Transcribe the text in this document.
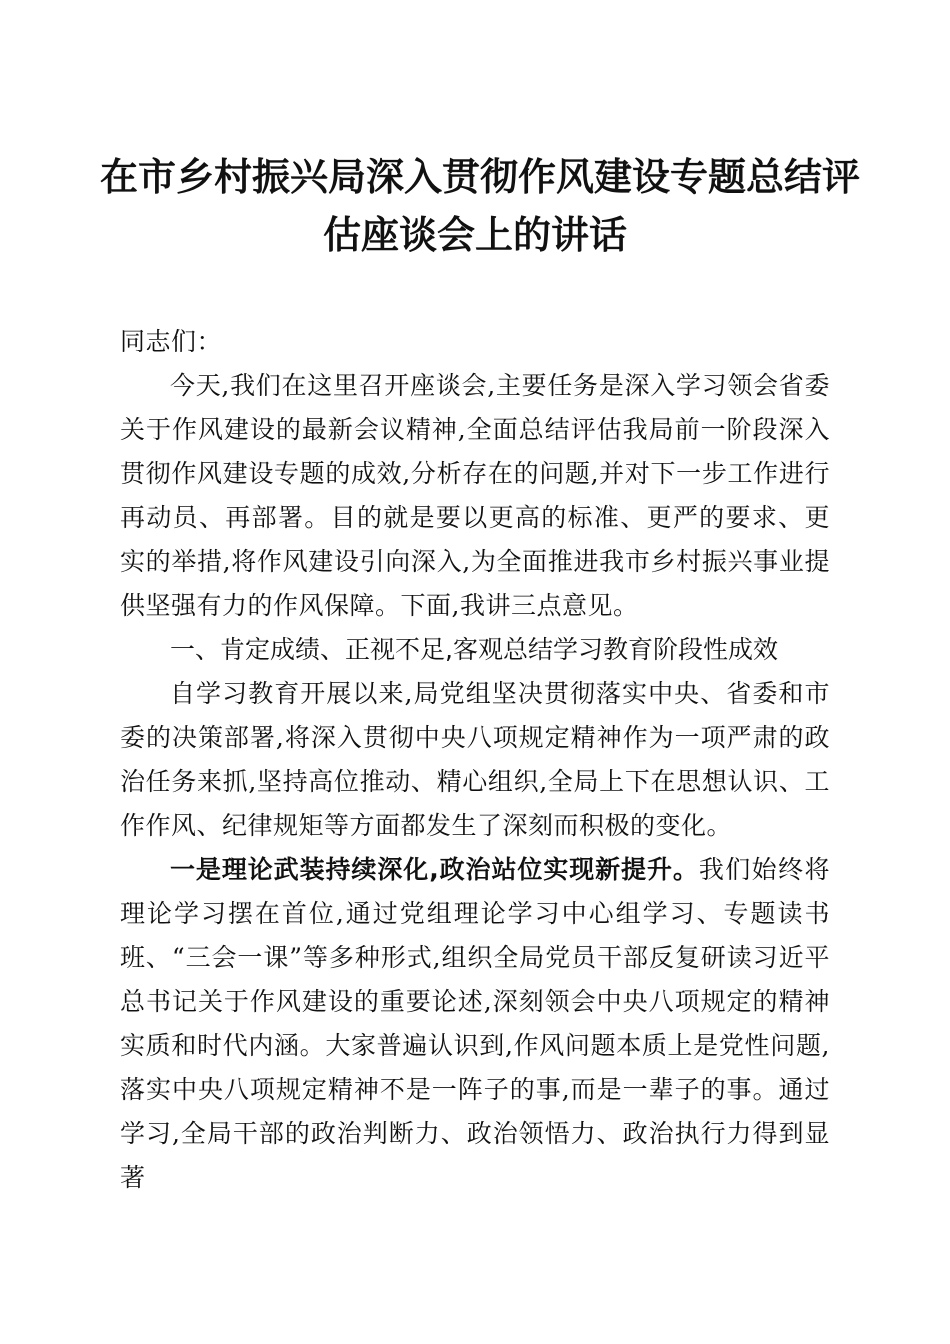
在市乡村振兴局深入贯彻作风建设专题总结评
估座谈会上的讲话

同志们：

今天,我们在这里召开座谈会,主要任务是深入学习领会省委关于作风建设的最新会议精神,全面总结评估我局前一阶段深入贯彻作风建设专题的成效,分析存在的问题,并对下一步工作进行再动员、再部署。目的就是要以更高的标准、更严的要求、更实的举措,将作风建设引向深入,为全面推进我市乡村振兴事业提供坚强有力的作风保障。下面,我讲三点意见。

一、肯定成绩、正视不足,客观总结学习教育阶段性成效

自学习教育开展以来,局党组坚决贯彻落实中央、省委和市委的决策部署,将深入贯彻中央八项规定精神作为一项严肃的政治任务来抓,坚持高位推动、精心组织,全局上下在思想认识、工作作风、纪律规矩等方面都发生了深刻而积极的变化。

一是理论武装持续深化,政治站位实现新提升。我们始终将理论学习摆在首位,通过党组理论学习中心组学习、专题读书班、“三会一课”等多种形式,组织全局党员干部反复研读习近平总书记关于作风建设的重要论述,深刻领会中央八项规定的精神实质和时代内涵。大家普遍认识到,作风问题本质上是党性问题,落实中央八项规定精神不是一阵子的事,而是一辈子的事。通过学习,全局干部的政治判断力、政治领悟力、政治执行力得到显著
